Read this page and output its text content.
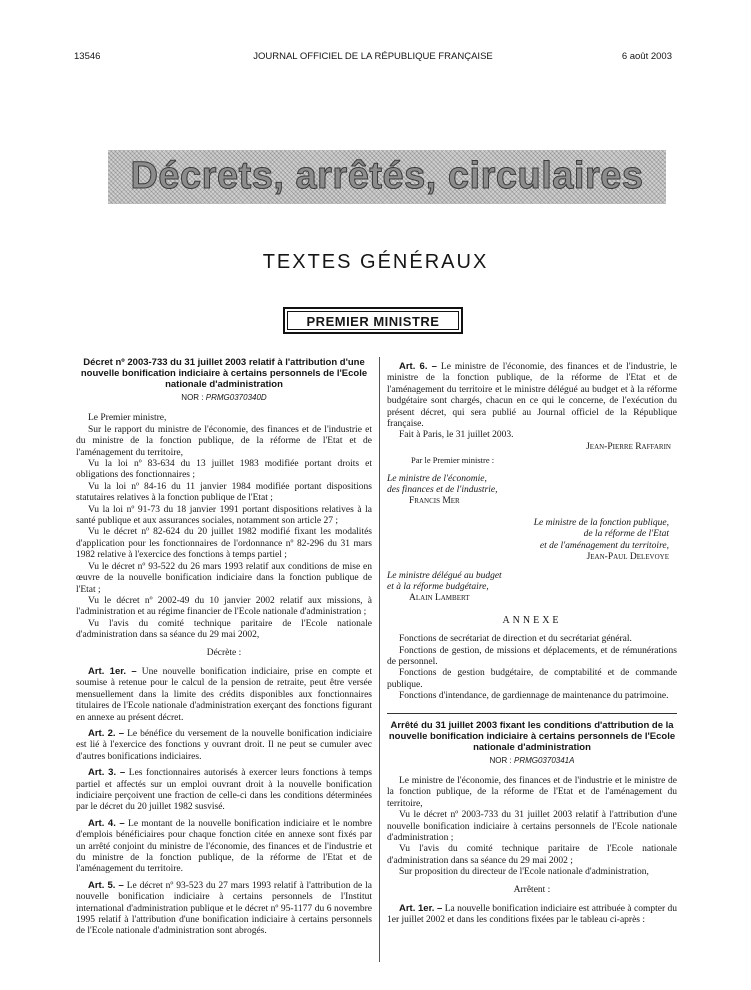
13546	JOURNAL OFFICIEL DE LA RÉPUBLIQUE FRANÇAISE	6 août 2003
Décrets, arrêtés, circulaires
TEXTES GÉNÉRAUX
PREMIER MINISTRE
Décret nº 2003-733 du 31 juillet 2003 relatif à l'attribution d'une nouvelle bonification indiciaire à certains personnels de l'Ecole nationale d'administration
NOR : PRMG0370340D

Le Premier ministre,

Sur le rapport du ministre de l'économie, des finances et de l'industrie et du ministre de la fonction publique, de la réforme de l'Etat et de l'aménagement du territoire,

Vu la loi nº 83-634 du 13 juillet 1983 modifiée portant droits et obligations des fonctionnaires ;

Vu la loi nº 84-16 du 11 janvier 1984 modifiée portant dispositions statutaires relatives à la fonction publique de l'Etat ;

Vu la loi nº 91-73 du 18 janvier 1991 portant dispositions relatives à la santé publique et aux assurances sociales, notamment son article 27 ;

Vu le décret nº 82-624 du 20 juillet 1982 modifié fixant les modalités d'application pour les fonctionnaires de l'ordonnance nº 82-296 du 31 mars 1982 relative à l'exercice des fonctions à temps partiel ;

Vu le décret nº 93-522 du 26 mars 1993 relatif aux conditions de mise en œuvre de la nouvelle bonification indiciaire dans la fonction publique de l'Etat ;

Vu le décret nº 2002-49 du 10 janvier 2002 relatif aux missions, à l'administration et au régime financier de l'Ecole nationale d'administration ;

Vu l'avis du comité technique paritaire de l'Ecole nationale d'administration dans sa séance du 29 mai 2002,

Décrète :

Art. 1er. – Une nouvelle bonification indiciaire, prise en compte et soumise à retenue pour le calcul de la pension de retraite, peut être versée mensuellement dans la limite des crédits disponibles aux fonctionnaires titulaires de l'Ecole nationale d'administration exerçant des fonctions figurant en annexe au présent décret.

Art. 2. – Le bénéfice du versement de la nouvelle bonification indiciaire est lié à l'exercice des fonctions y ouvrant droit. Il ne peut se cumuler avec d'autres bonifications indiciaires.

Art. 3. – Les fonctionnaires autorisés à exercer leurs fonctions à temps partiel et affectés sur un emploi ouvrant droit à la nouvelle bonification indiciaire perçoivent une fraction de celle-ci dans les conditions déterminées par le décret du 20 juillet 1982 susvisé.

Art. 4. – Le montant de la nouvelle bonification indiciaire et le nombre d'emplois bénéficiaires pour chaque fonction citée en annexe sont fixés par un arrêté conjoint du ministre de l'économie, des finances et de l'industrie et du ministre de la fonction publique, de la réforme de l'Etat et de l'aménagement du territoire.

Art. 5. – Le décret nº 93-523 du 27 mars 1993 relatif à l'attribution de la nouvelle bonification indiciaire à certains personnels de l'Institut international d'administration publique et le décret nº 95-1177 du 6 novembre 1995 relatif à l'attribution d'une bonification indiciaire à certains personnels de l'Ecole nationale d'administration sont abrogés.

Art. 6. – Le ministre de l'économie, des finances et de l'industrie, le ministre de la fonction publique, de la réforme de l'Etat et de l'aménagement du territoire et le ministre délégué au budget et à la réforme budgétaire sont chargés, chacun en ce qui le concerne, de l'exécution du présent décret, qui sera publié au Journal officiel de la République française.

Fait à Paris, le 31 juillet 2003.

Jean-Pierre Raffarin

Par le Premier ministre :

Le ministre de l'économie,
des finances et de l'industrie,
Francis Mer
Le ministre de la fonction publique,
de la réforme de l'Etat
et de l'aménagement du territoire,
Jean-Paul Delevoye
Le ministre délégué au budget
et à la réforme budgétaire,
Alain Lambert

ANNEXE

Fonctions de secrétariat de direction et du secrétariat général.

Fonctions de gestion, de missions et déplacements, et de rémunérations de personnel.

Fonctions de gestion budgétaire, de comptabilité et de commande publique.

Fonctions d'intendance, de gardiennage de maintenance du patrimoine.

Arrêté du 31 juillet 2003 fixant les conditions d'attribution de la nouvelle bonification indiciaire à certains personnels de l'Ecole nationale d'administration
NOR : PRMG0370341A

Le ministre de l'économie, des finances et de l'industrie et le ministre de la fonction publique, de la réforme de l'Etat et de l'aménagement du territoire,

Vu le décret nº 2003-733 du 31 juillet 2003 relatif à l'attribution d'une nouvelle bonification indiciaire à certains personnels de l'Ecole nationale d'administration ;

Vu l'avis du comité technique paritaire de l'Ecole nationale d'administration dans sa séance du 29 mai 2002 ;

Sur proposition du directeur de l'Ecole nationale d'administration,

Arrêtent :

Art. 1er. – La nouvelle bonification indiciaire est attribuée à compter du 1er juillet 2002 et dans les conditions fixées par le tableau ci-après :
